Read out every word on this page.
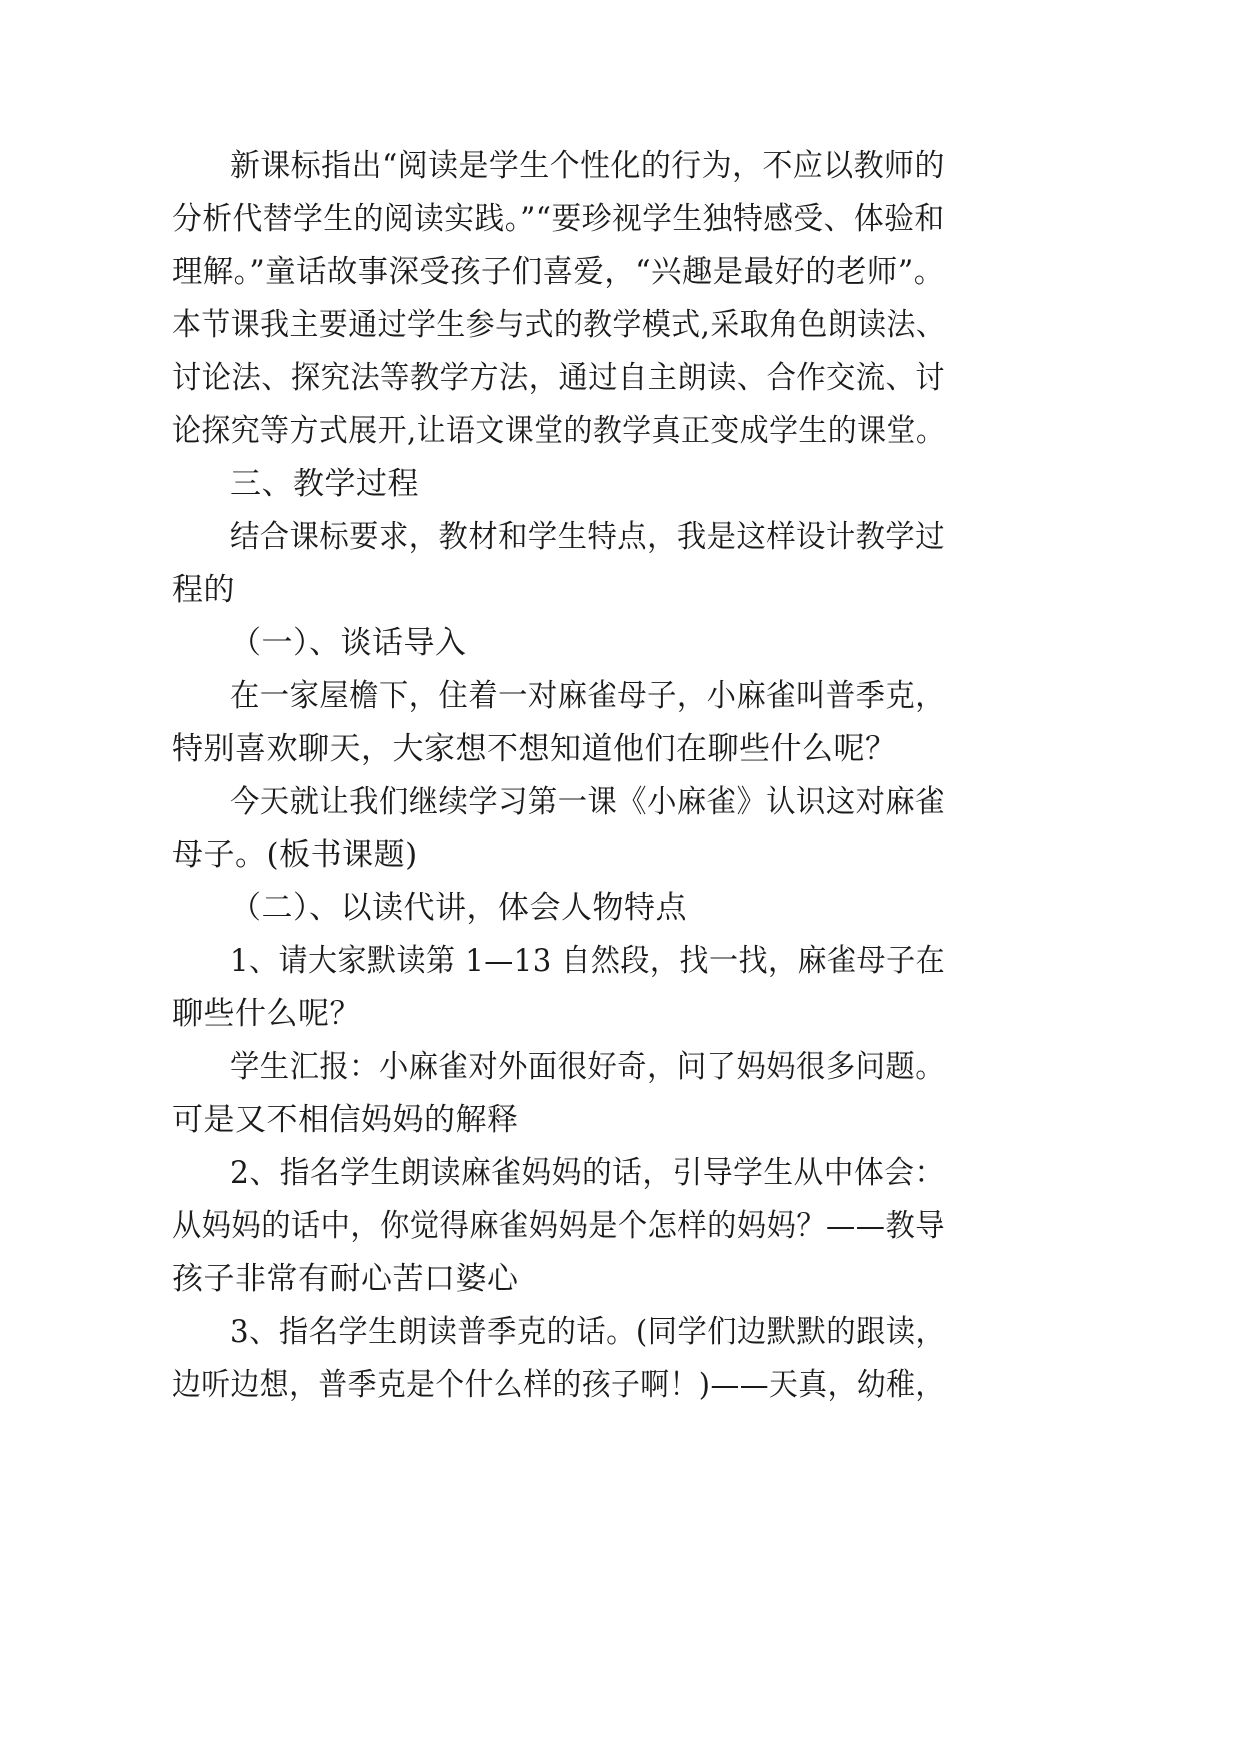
新课标指出“阅读是学生个性化的行为，不应以教师的
分析代替学生的阅读实践。”“要珍视学生独特感受、体验和
理解。”童话故事深受孩子们喜爱，“兴趣是最好的老师”。
本节课我主要通过学生参与式的教学模式,采取角色朗读法、
讨论法、探究法等教学方法，通过自主朗读、合作交流、讨
论探究等方式展开,让语文课堂的教学真正变成学生的课堂。
三、教学过程
结合课标要求，教材和学生特点，我是这样设计教学过
程的
（一）、谈话导入
在一家屋檐下，住着一对麻雀母子，小麻雀叫普季克，
特别喜欢聊天，大家想不想知道他们在聊些什么呢？
今天就让我们继续学习第一课《小麻雀》认识这对麻雀
母子。(板书课题)
（二）、以读代讲，体会人物特点
1、请大家默读第 1—13 自然段，找一找，麻雀母子在
聊些什么呢？
学生汇报：小麻雀对外面很好奇，问了妈妈很多问题。
可是又不相信妈妈的解释
2、指名学生朗读麻雀妈妈的话，引导学生从中体会：
从妈妈的话中，你觉得麻雀妈妈是个怎样的妈妈？——教导
孩子非常有耐心苦口婆心
3、指名学生朗读普季克的话。(同学们边默默的跟读，
边听边想，普季克是个什么样的孩子啊！)——天真，幼稚，
